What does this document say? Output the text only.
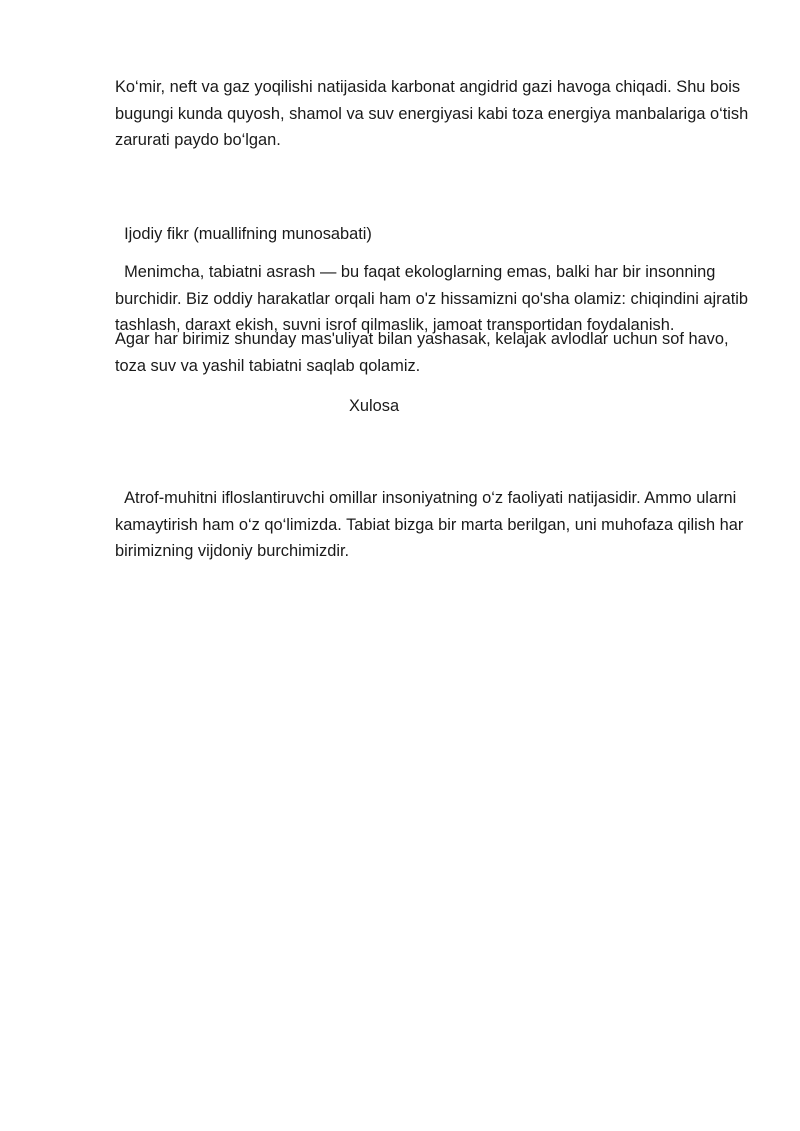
Ko‘mir, neft va gaz yoqilishi natijasida karbonat angidrid gazi havoga chiqadi. Shu bois bugungi kunda quyosh, shamol va suv energiyasi kabi toza energiya manbalariga o‘tish zarurati paydo bo‘lgan.

Ijodiy fikr (muallifning munosabati)

Menimcha, tabiatni asrash — bu faqat ekologlarning emas, balki har bir insonning burchidir. Biz oddiy harakatlar orqali ham o'z hissamizni qo'sha olamiz: chiqindini ajratib tashlash, daraxt ekish, suvni isrof qilmaslik, jamoat transportidan foydalanish.

Agar har birimiz shunday mas'uliyat bilan yashasak, kelajak avlodlar uchun sof havo, toza suv va yashil tabiatni saqlab qolamiz.

Xulosa

Atrof-muhitni ifloslantiruvchi omillar insoniyatning o‘z faoliyati natijasidir. Ammo ularni kamaytirish ham o‘z qo‘limizda. Tabiat bizga bir marta berilgan, uni muhofaza qilish har birimizning vijdoniy burchimizdir.
